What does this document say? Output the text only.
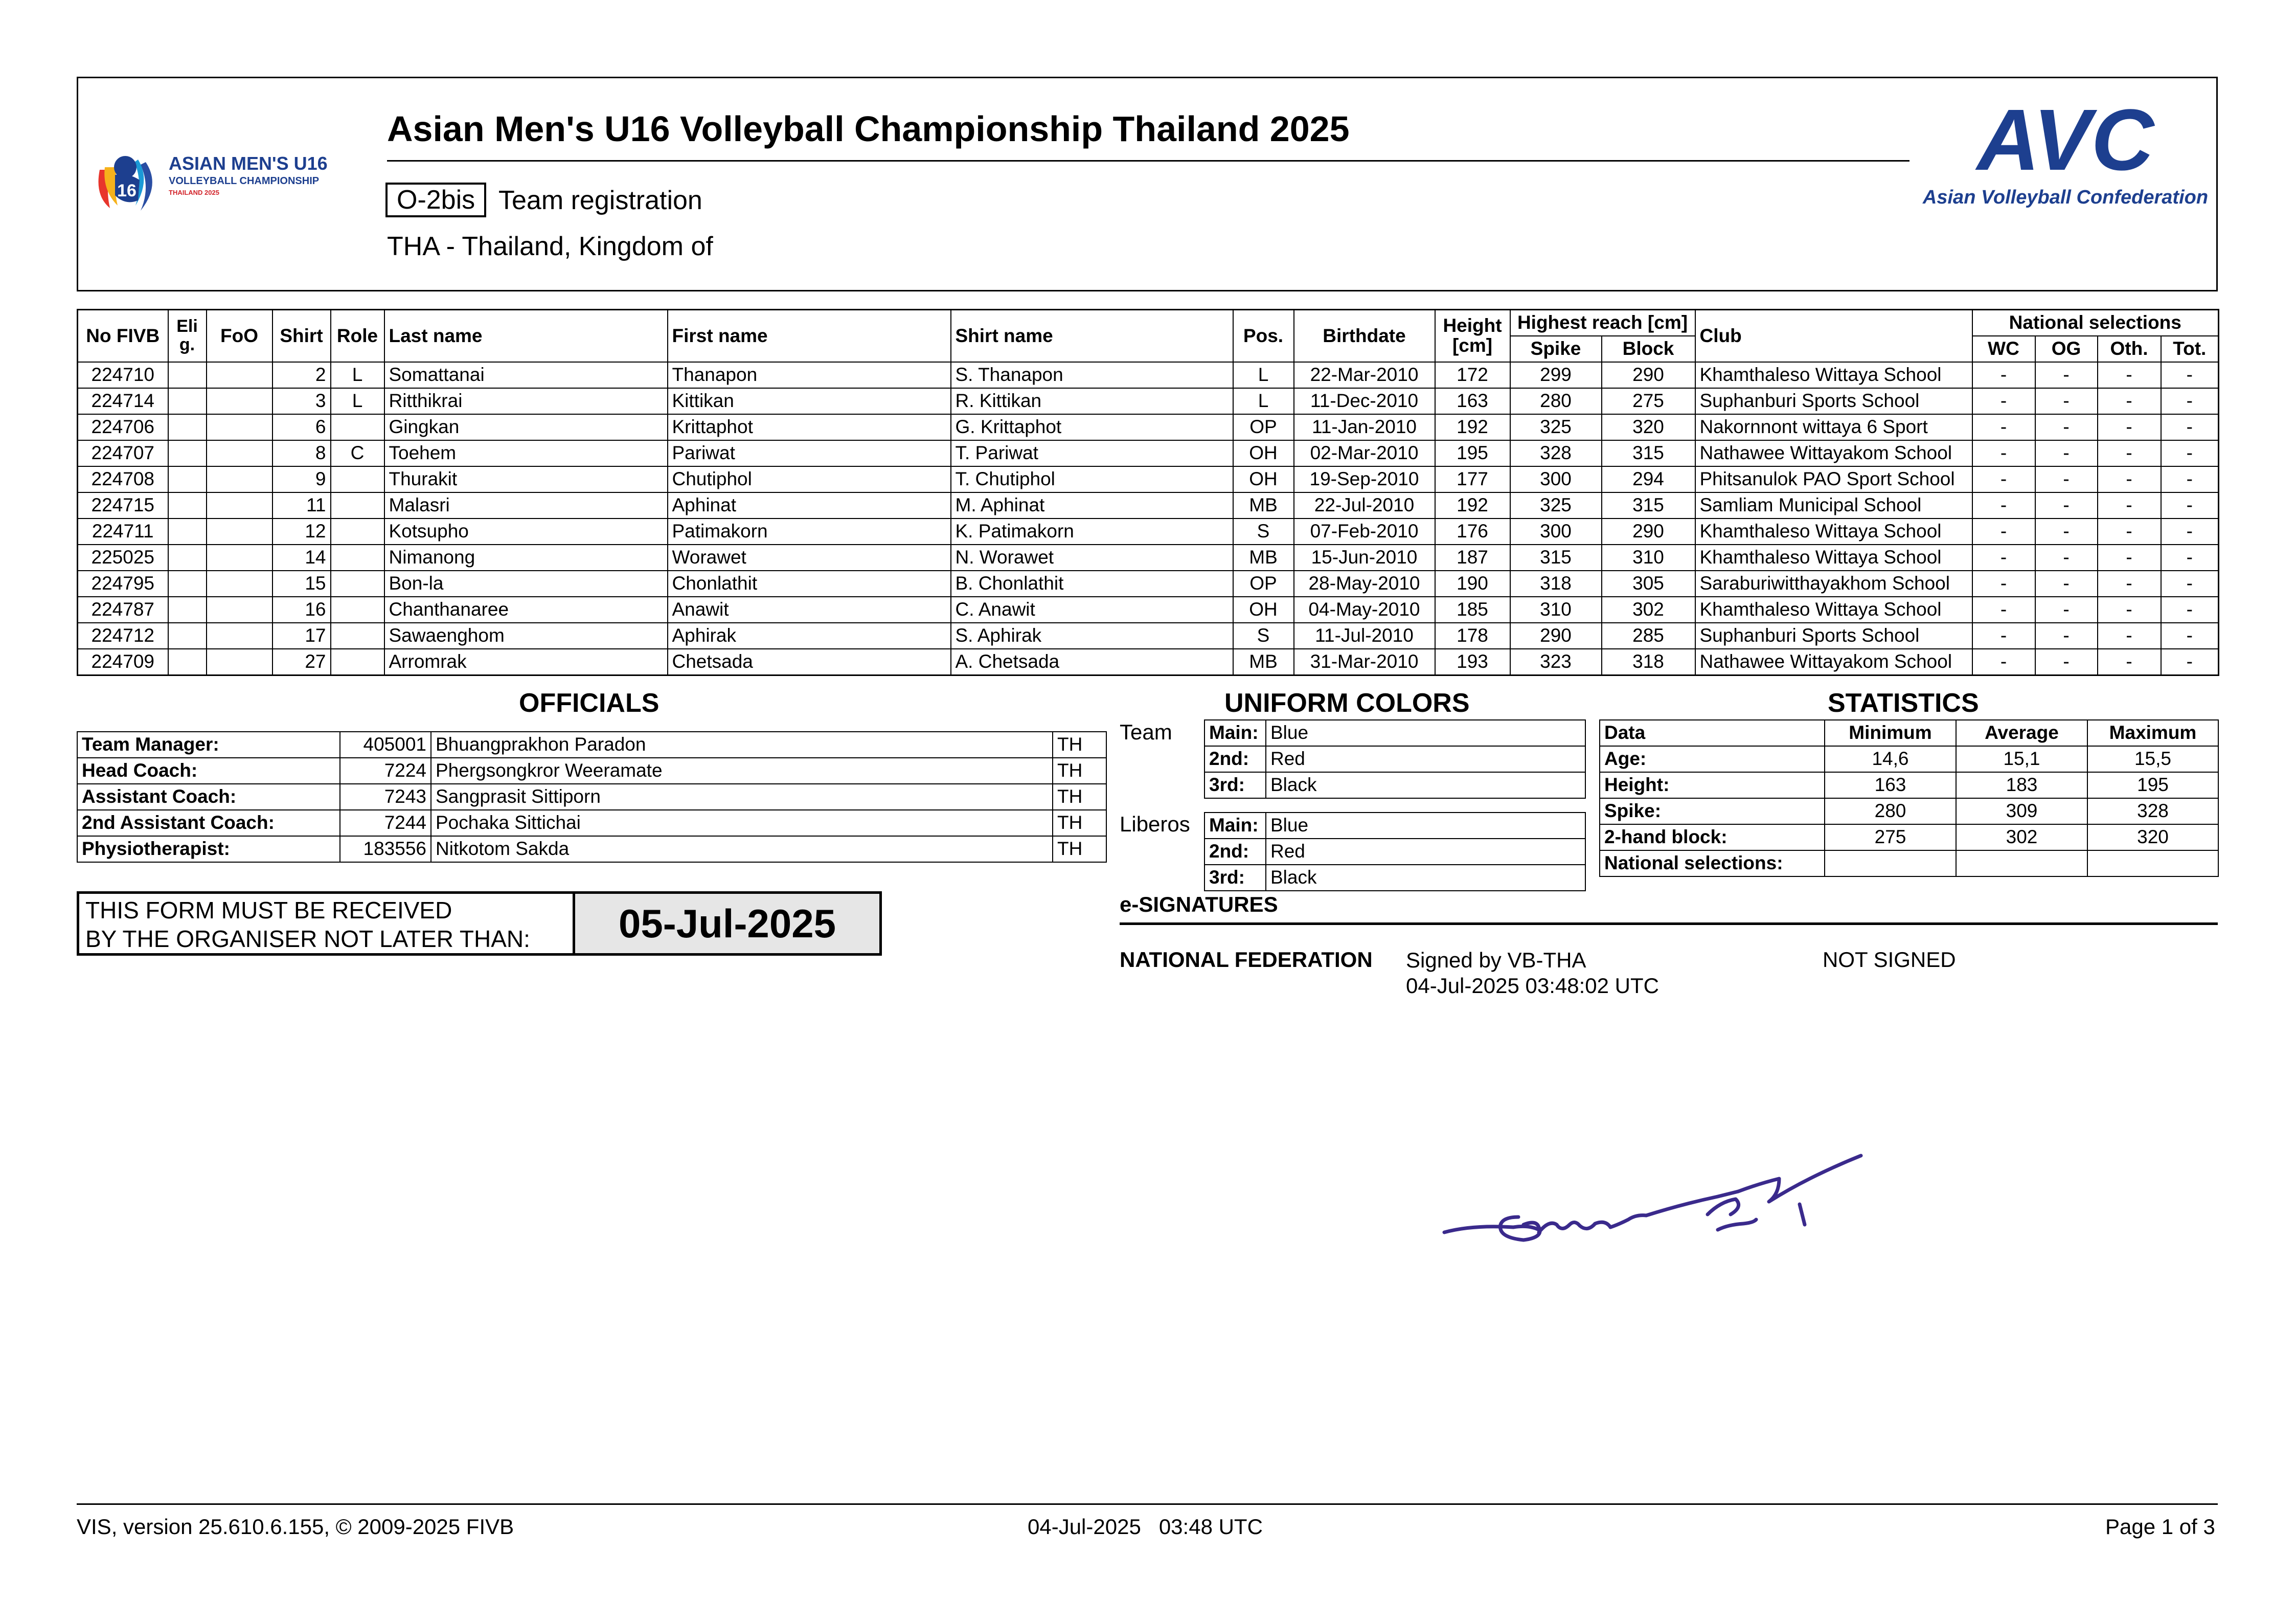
16

ASIAN MEN'S U16
VOLLEYBALL CHAMPIONSHIP
THAILAND 2025
Asian Men's U16 Volleyball Championship Thailand 2025
O-2bis Team registration
THA - Thailand, Kingdom of
AVC
Asian Volleyball Confederation
No FIVB	Eli g.	FoO	Shirt	Role	Last name	First name	Shirt name	Pos.	Birthdate	Height [cm]	Highest reach [cm]		Club	National selections			
											Spike	Block		WC	OG	Oth.	Tot.
224710			2	L	Somattanai	Thanapon	S. Thanapon	L	22-Mar-2010	172	299	290	Khamthaleso Wittaya School	-	-	-	-
224714			3	L	Ritthikrai	Kittikan	R. Kittikan	L	11-Dec-2010	163	280	275	Suphanburi Sports School	-	-	-	-
224706			6		Gingkan	Krittaphot	G. Krittaphot	OP	11-Jan-2010	192	325	320	Nakornnont wittaya 6 Sport	-	-	-	-
224707			8	C	Toehem	Pariwat	T. Pariwat	OH	02-Mar-2010	195	328	315	Nathawee Wittayakom School	-	-	-	-
224708			9		Thurakit	Chutiphol	T. Chutiphol	OH	19-Sep-2010	177	300	294	Phitsanulok PAO Sport School	-	-	-	-
224715			11		Malasri	Aphinat	M. Aphinat	MB	22-Jul-2010	192	325	315	Samliam Municipal School	-	-	-	-
224711			12		Kotsupho	Patimakorn	K. Patimakorn	S	07-Feb-2010	176	300	290	Khamthaleso Wittaya School	-	-	-	-
225025			14		Nimanong	Worawet	N. Worawet	MB	15-Jun-2010	187	315	310	Khamthaleso Wittaya School	-	-	-	-
224795			15		Bon-la	Chonlathit	B. Chonlathit	OP	28-May-2010	190	318	305	Saraburiwitthayakhom School	-	-	-	-
224787			16		Chanthanaree	Anawit	C. Anawit	OH	04-May-2010	185	310	302	Khamthaleso Wittaya School	-	-	-	-
224712			17		Sawaenghom	Aphirak	S. Aphirak	S	11-Jul-2010	178	290	285	Suphanburi Sports School	-	-	-	-
224709			27		Arromrak	Chetsada	A. Chetsada	MB	31-Mar-2010	193	323	318	Nathawee Wittayakom School	-	-	-	-
OFFICIALS	UNIFORM COLORS	STATISTICS
Team Manager:	405001	Bhuangprakhon Paradon	TH
Head Coach:	7224	Phergsongkror Weeramate	TH
Assistant Coach:	7243	Sangprasit Sittiporn	TH
2nd Assistant Coach:	7244	Pochaka Sittichai	TH
Physiotherapist:	183556	Nitkotom Sakda	TH
Team Main:	Blue
2nd:	Red
3rd:	Black
Liberos Main:	Blue
2nd:	Red
3rd:	Black
Data	Minimum	Average	Maximum
Age:	14,6	15,1	15,5
Height:	163	183	195
Spike:	280	309	328
2-hand block:	275	302	320
National selections:			
THIS FORM MUST BE RECEIVED
BY THE ORGANISER NOT LATER THAN:	05-Jul-2025	e-SIGNATURES
NATIONAL FEDERATION Signed by VB-THA
04-Jul-2025 03:48:02 UTC
NOT SIGNED
VIS, version 25.610.6.155, © 2009-2025 FIVB	04-Jul-2025   03:48 UTC	Page 1 of 3
